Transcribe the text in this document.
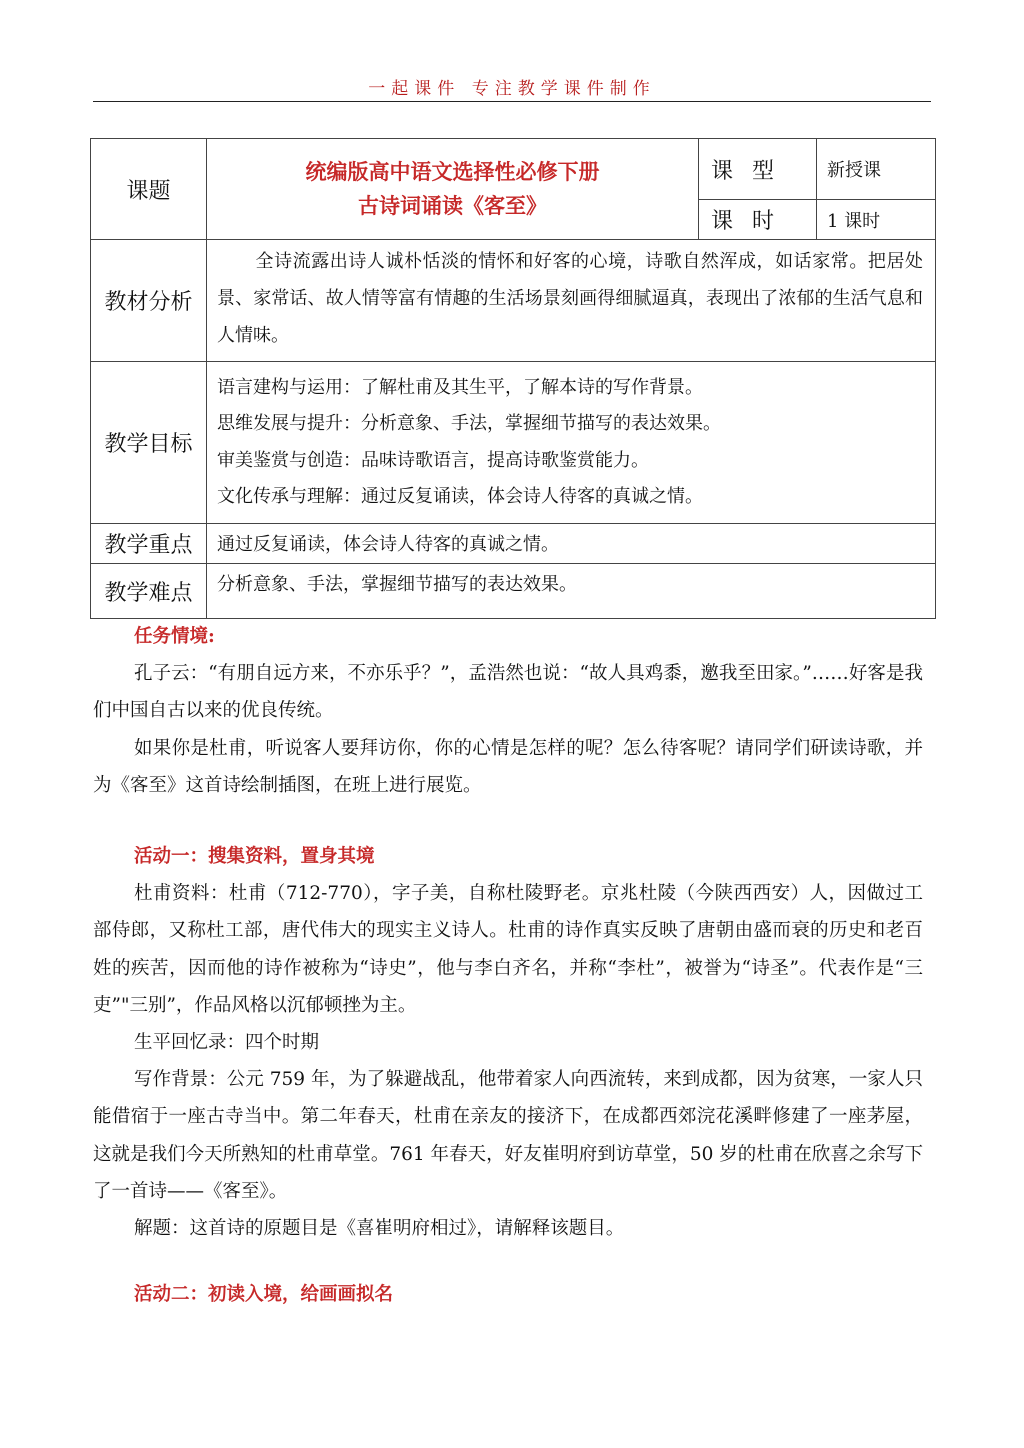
一起课件 专注教学课件制作
课题	统编版高中语文选择性必修下册
古诗词诵读《客至》	课 型	新授课
		课 时	1 课时
教材分析	全诗流露出诗人诚朴恬淡的情怀和好客的心境，诗歌自然浑成，如话家常。把居处景、家常话、故人情等富有情趣的生活场景刻画得细腻逼真，表现出了浓郁的生活气息和人情味。		
教学目标	语言建构与运用：了解杜甫及其生平，了解本诗的写作背景。
思维发展与提升：分析意象、手法，掌握细节描写的表达效果。
审美鉴赏与创造：品味诗歌语言，提高诗歌鉴赏能力。
文化传承与理解：通过反复诵读，体会诗人待客的真诚之情。		

教学重点	通过反复诵读，体会诗人待客的真诚之情。		
教学难点	分析意象、手法，掌握细节描写的表达效果。		

任务情境:

孔子云：“有朋自远方来，不亦乐乎？”，孟浩然也说：“故人具鸡黍，邀我至田家。”……好客是我们中国自古以来的优良传统。

如果你是杜甫，听说客人要拜访你，你的心情是怎样的呢？怎么待客呢？请同学们研读诗歌，并为《客至》这首诗绘制插图，在班上进行展览。

活动一：搜集资料，置身其境

杜甫资料：杜甫（712-770），字子美，自称杜陵野老。京兆杜陵（今陕西西安）人，因做过工部侍郎，又称杜工部，唐代伟大的现实主义诗人。杜甫的诗作真实反映了唐朝由盛而衰的历史和老百姓的疾苦，因而他的诗作被称为“诗史”，他与李白齐名，并称“李杜”，被誉为“诗圣”。代表作是“三吏”"三别”，作品风格以沉郁顿挫为主。

生平回忆录：四个时期

写作背景：公元 759 年，为了躲避战乱，他带着家人向西流转，来到成都，因为贫寒，一家人只能借宿于一座古寺当中。第二年春天，杜甫在亲友的接济下，在成都西郊浣花溪畔修建了一座茅屋，这就是我们今天所熟知的杜甫草堂。761 年春天，好友崔明府到访草堂，50 岁的杜甫在欣喜之余写下了一首诗——《客至》。

解题：这首诗的原题目是《喜崔明府相过》，请解释该题目。

活动二：初读入境，给画画拟名
